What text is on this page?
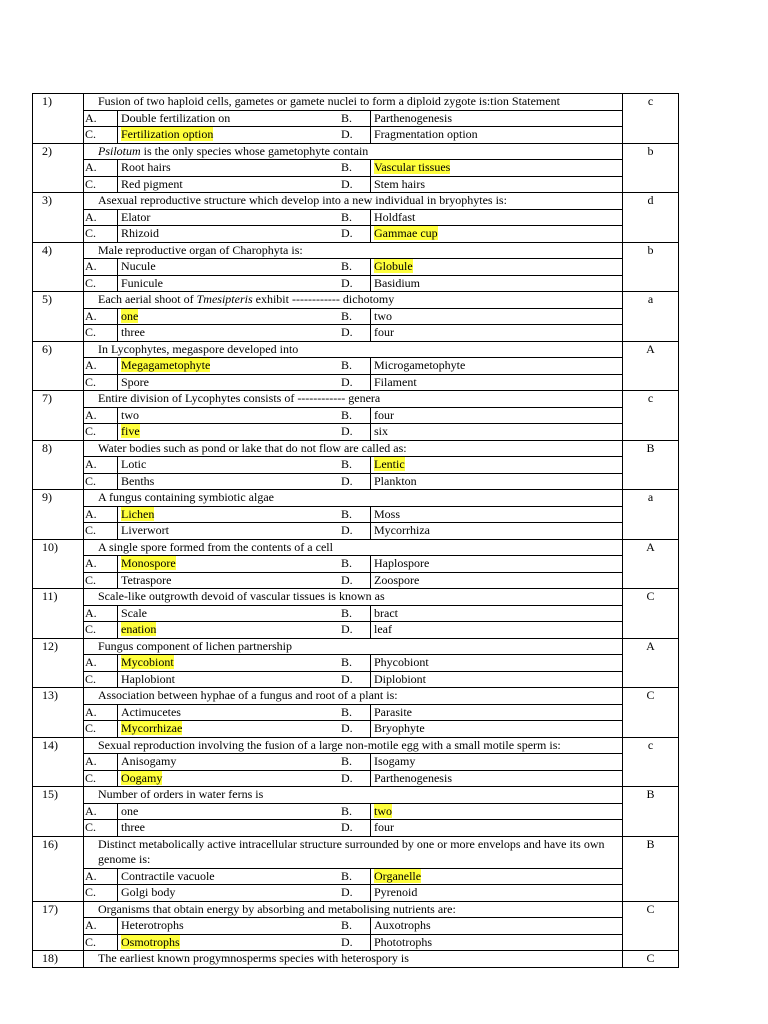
1)	Fusion of two haploid cells, gametes or gamete nuclei to form a diploid zygote is:tion Statement
A.	Double fertilization on	B.	Parthenogenesis
C.	Fertilization option	D.	Fragmentation option
c
2)	Psilotum is the only species whose gametophyte contain
A.	Root hairs	B.	Vascular tissues
C.	Red pigment	D.	Stem hairs
b
3)	Asexual reproductive structure which develop into a new individual in bryophytes is:
A.	Elator	B.	Holdfast
C.	Rhizoid	D.	Gammae cup
d
4)	Male reproductive organ of Charophyta is:
A.	Nucule	B.	Globule
C.	Funicule	D.	Basidium
b
5)	Each aerial shoot of Tmesipteris exhibit ------------ dichotomy
A.	one	B.	two
C.	three	D.	four
a
6)	In Lycophytes, megaspore developed into
A.	Megagametophyte	B.	Microgametophyte
C.	Spore	D.	Filament
A
7)	Entire division of Lycophytes consists of ------------ genera
A.	two	B.	four
C.	five	D.	six
c
8)	Water bodies such as pond or lake that do not flow are called as:
A.	Lotic	B.	Lentic
C.	Benths	D.	Plankton
B
9)	A fungus containing symbiotic algae
A.	Lichen	B.	Moss
C.	Liverwort	D.	Mycorrhiza
a
10)	A single spore formed from the contents of a cell
A.	Monospore	B.	Haplospore
C.	Tetraspore	D.	Zoospore
A
11)	Scale-like outgrowth devoid of vascular tissues is known as
A.	Scale	B.	bract
C.	enation	D.	leaf
C
12)	Fungus component of lichen partnership
A.	Mycobiont	B.	Phycobiont
C.	Haplobiont	D.	Diplobiont
A
13)	Association between hyphae of a fungus and root of a plant is:
A.	Actimucetes	B.	Parasite
C.	Mycorrhizae	D.	Bryophyte
C
14)	Sexual reproduction involving the fusion of a large non-motile egg with a small motile sperm is:
A.	Anisogamy	B.	Isogamy
C.	Oogamy	D.	Parthenogenesis
c
15)	Number of orders in water ferns is
A.	one	B.	two
C.	three	D.	four
B
16)	Distinct metabolically active intracellular structure surrounded by one or more envelops and have its own genome is:
A.	Contractile vacuole	B.	Organelle
C.	Golgi body	D.	Pyrenoid
B
17)	Organisms that obtain energy by absorbing and metabolising nutrients are:
A.	Heterotrophs	B.	Auxotrophs
C.	Osmotrophs	D.	Phototrophs
C
18)	The earliest known progymnosperms species with heterospory is	C
